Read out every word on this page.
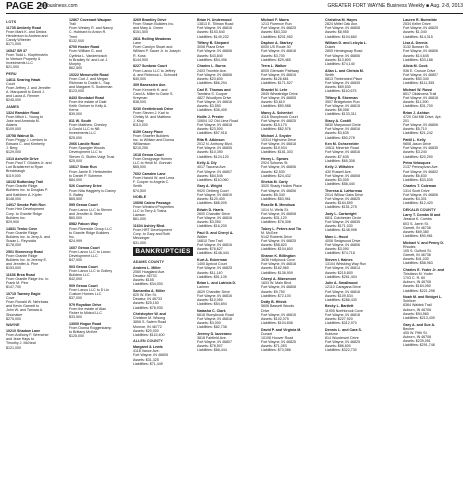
PAGE 20
thebusiness.com	GREATER FORT WAYNE Business Weekly ■ Aug. 2-8, 2013
LOTS
11735 Amberly Road
From Mark K. and Deidra
Henderson to Andrew and
Candy Wheeler
$171,000
16547 SR 37
From Todd L. Klopfenstein
to Venture Property &
Investments LLC
$21,000
PERU
14611 Searing Hawk
Court
From Jeffrey J. and Jennifer
A. Marquardt to David J.
and Laura A. Renner
$245,000
JAMES
1324 Rambler Road
From Mitch L. Young to
Jose and Amanda M.
Adams
$109,000
15758 Walnut St.
From Peggy J. Lemkes to
Edward C. and Kimberly
J. Berg
$129,000
1313 Ashville Drive
From Paul T. Glidden Jr. and
Lori Bradstreet to Ryan
Breckbaugh
$119,000
18132 Buttonbay Trail
From Granite Ridge
Builders Inc. to Douglas P.
and Kathleen A. Kipfer
$148,000
14917 Smoke Path Run
From Heir Development
Corp. to Granite Ridge
Builders Inc.
$29,900
14831 Tenbo Cove
From Granite Ridge
Builders Inc. to Jerry A. and
Susan L. Reynolds
$178,000
2501 Stonecrop Road
From Granite Ridge
Builders Inc. to Jeremy E.
and Jennifer A. Pine
$153,000
11636 Brea Road
From Granite Ridge Inc. to
Frank M. Pine
$147,700
10715 Tawney Eagle
Cove
From Ronald W. Nehrbass
and Kevin Garnett to
John W. and Tamara A.
Shumaker
$275,000
WAYNE
10210 Shadow Lane
From Anthony F. Wrencher
and Jean Hays to
Timothy J. McNeal
$121,000
12867 Covenant Waupon
Trail
From Wesley R. and Nancy
C. Hubbard to Anton R.
Trent
$132,000
8700 Hoster Road
From William G. and
Cynthia L. Vanderbosch
to Bradley W. and Lori J.
Murphy
$62,500
10222 Menonville Road
From Curt J. and Megan
Richman to Dustin L. Sap
and Margaret S. Soderman
$123,000
8433 Sinnlabel Road
From the estate of Dale
Keith Greiner to Kelly A.
Kerns
$39,000
811 W. South
From Matthew, Chesley
& Gould LLC to NB
Investments LLC
$25,000
2066 Landle Road
From Spangler Woods
Development LLC to
Steven G. Stoller-Voigt Trust
$25,000
10617 State Run
From Jamie E. Herbstreiter
to Daniel P. Schemm
$84,000
526 Courtney Drive
From Nita Haggerty to Danny
S. Bailey
$65,500
595 Genoa Court
From Lanco LLC to Steven
and Jennifer A. Stein
$60,000
8582 Falcon Way
From Riverside Group LLC
to Granite Ridge Builders
Inc.
$24,999
1607 Genoa Court
From Lanco LLC to Lanco
Development LLC
$47,000
503 Genoa Court
From Lanco LLC to Gollery
Builders LLC
$42,000
509 Genoa Court
From Lanco LLC to D Lin
Custom Homes LLC
$37,000
579 Royalton Drive
From the estate of Alan
Fisher to Midsol LLC
$33,500
13000 Hogue Road
From Donna Roggenkamp
to Brittany McKee
$125,000
3269 Brantley Drive
From Shawn Builders Inc.
and Mary A. Green
$151,500
2811 Rolling Meadows
Lane
From Carolyn Stuart and
William P. Sauer Jr. to Joseph
R. Koss
$144,900
8227 Sunbear Court
From Lanco LLC to Jeffrey
A. and Rebecca L. Schnuell
$40,000
309 Banesslen Ave.
From Kenneth H. and
Carol A. Miller to Dane S.
Kreyman
$38,000
5230 Gentlebrook Drive
From Steven J. Karl to
Christy M. and Matthew
J. Klay
$110,000
8159 Casey Place
From Shaefer Builders
Inc. to William and Donna
Williamson
$210,250
1618 Genoa Court
From Designage Homes
LLC to Heidi M. Gonnah
$65,000
7602 Camden Lane
From Harold W. and Lena
F. Cooper to Angela C.
Smith
$74,500
NOBLE
10698 Calera Passage
From Winsford Properties
LLC to Terry & Tosha
Lawson
$61,000
11604 Ashley Blvd.
From HRT Development
Corp. to Gary and Ruth
Mezzinger
$31,000
BANKRUPTCIES
ADAMS COUNTY
Andrew L. Miller
2060 Hoagland Ave.
Decatur 46733
Assets: $155
Liabilities: $34,000
Samantha A. Miller
820 W. Elm St.
Decatur, IN 46733
Assets: $25,150
Liabilities: $78,930
Christopher W. and
Christine M. Wisong
3806 S. Salem Road
Monroe, IN 46772
Assets: $20,000
Liabilities: $115,400
ALLEN COUNTY
Margaret & Lewis
4118 Vance Ave.
Fort Wayne, IN 46805
Assets: $31,325
Liabilities: $71,449
Brian H. Underwood
13813 E. Tillman Road
Fort Wayne, IN 46816
Assets: $153,540
Liabilities: $149,232
Tiffany B. Shepard
3008 Plaza Drive
Fort Wayne, IN 46806
Assets: $43,840
Liabilities: $54,496
Charles L. Burns
2403 Trumble Ave.
Fort Wayne, IN 46806
Assets: $23,600
Liabilities: $66,294
Carl E. Thomas and
Tamisha S. Cooper
4827 Woodlynn Drive
Fort Wayne, IN 46816
Assets: $3,550
Liabilities: $36,405
Hollie J. Prezler
10604 1/2 Old Lima Road
Fort Wayne, IN 46818
Assets: $23,500
Liabilities: $57,918
Rita R. Atkinson
2012 N. Anthony Blvd.
Fort Wayne, IN 46805
Assets: $10,390
Liabilities: $124,120
Kelly A. Dly
4017 Tacoma Ave.
Fort Wayne, IN 46807
Assets: $84,545
Liabilities: $110,060
Gary A. Wright
9920 Oelberg Court
Fort Wayne, IN 46819
Assets: $120,400
Liabilities: $86,009
Edwin D. Harris
2600 Chandler Drive
Fort Wayne, IN 46816
Assets: $3,050
Liabilities: $16,200
Paul G. and Cheryl A.
Walter
16810 Tam Trail
Fort Wayne, IN 46816
Assets: $76,627
Liabilities: $148,444
Kurt A. Eckerman
1400 Apricot Court
Fort Wayne, IN 46825
Assets: $11,140
Liabilities: $51,139
Brian L. and Latricia D.
Larimer
4629 Chandler Drive
Fort Wayne, IN 46816
Assets: $10,050
Liabilities: $54,694
Natasha C. Clark
6618 Stonybrook Road
Fort Wayne, IN 46816
Assets: $3,000
Liabilities: $82,738
Jeremy D. Iazzerano
3818 Fairfield Ave.
Fort Wayne, IN 46807
Assets: $78,507
Liabilities: $68,444
Michael F. Marra
1213 Florence Run
Fort Wayne, IN 46825
Assets: $83,330
Liabilities: $201,952
Daphne A. Starkey
6000 US Route 30
Fort Wayne, IN 46818
Assets: $3,700
Liabilities: $29,465
Terra L. Walker
8005 Glenvale Pathway
Fort Wayne, IN 46815
Assets: $126,661
Liabilities: $171,527
Shantel N. Lehr
2845 Wheatridge Drive
Fort Wayne, IN 46805
Assets: $3,610
Liabilities: $50,988
Marcy A. Schenkel
4116 Stonybrook Court
Fort Wayne, IN 46825
Assets: $15,170
Liabilities: $82,976
Michael J. Snyder
10314 Highview Drive
Fort Wayne, IN 46818
Assets: $19,934
Liabilities: $181,303
Henry L. Spears
2924 Schorss St.
Fort Wayne, IN 46806
Assets: $2,530
Liabilities: $24,432
Shekia M. Carty
3020 Shady Hollow Place
Fort Wayne, IN 46806
Assets: $5,340
Liabilities: $63,961
Roselle B. Mendoza
1014 N. Wells St.
Fort Wayne, IN 46808
Assets: $31,120
Liabilities: $78,308
Tobey L. Peters and Tia
M. McGee
5142 Roberts Drive
Fort Wayne, IN 46825
Assets: $58,820
Liabilities: $104,800
Sharon K. Billington
3636 Hollyhock Cove
Fort Wayne, IN 46818
Assets: $162,960
Liabilities: $136,909
Cheryl A. Mizesmore
1603 W. Main Blvd.
Fort Wayne, IN 46808
Assets: $9,750
Liabilities: $72,100
Dotty B. Hiteck
5606 Bassett Woods
Drive
Fort Wayne, IN 46815
Assets: $102,075
Liabilities: $104,836
David P. and Virginia M.
Dunzel
10108 Hoover Road
Fort Wayne, IN 46825
Assets: $71,053
Liabilities: $73,086
Christina M. Hayes
2824 Mittel Oak Ave.
Fort Wayne, IN 46808
Assets: $8,955
Liabilities: $104,660
William D. and Lelcyia L.
Dukes
2805 Hemingway Road
Fort Wayne, IN 46806
Assets: $13,800
Liabilities: $74,140
Allan L. and Christa M.
Smith
6813 Timberwind Place
Fort Wayne, IN 46835
Assets: $69,530
Liabilities: $110,675
Tiffany B. Sherman
3507 Bridgetown Run
Fort Wayne, IN 46815
Assets: $8,058
Liabilities: $133,311
Stacy A. Costill
5830 Marywood Circle
Fort Wayne, IN 46816
Assets: $3,635
Liabilities: $50,278
Ken M. Ochsenrider
10611 Minerich Road
Fort Wayne, IN 46816
Assets: $7,635
Liabilities: $65,308
Kelly J. Wiltshire
430 Russell Ave.
Fort Wayne, IN 46808
Assets: $3,005
Liabilities: $58,440
Theresa A. LaHurreau
2014 Willow Oaks Drive
Fort Wayne, IN 46825
Assets: $164,590
Liabilities: $151,275
Jody L. Cartwright
6811 Colchester Circle
Fort Wayne, IN 46835
Assets: $171,030
Liabilities: $148,998
Marc L. Hood
4006 Sedgwood Drive
Fort Wayne, IN 46806
Assets: $3,090
Liabilities: $74,718
Steven I. Haines
13104 Whisking Way Run
Fort Wayne, IN 46814
Assets: $215,800
Liabilities: $261,404
Julie A. Smallwood
12110 Caragana Drive
Fort Wayne, IN 46816
Assets: $109,534
Liabilities: $286,430
Becky L. Bartlett
11905 Northbrook Cove
Fort Wayne, IN 46818
Assets: $227,920
Liabilities: $312,970
Dennis L. and Cara S.
Kubizne
814 Woodmont Drive
Fort Wayne, IN 46825
Assets: $86,600
Liabilities: $322,730
Lauren R. Bumstide
2534 Keller Drive
Fort Wayne, IN 46825
Assets: $1,040
Liabilities: $14,315
Lisa A. Dennis
3132 Bowser St.
Fort Wayne, IN 46806
Assets: $14,645
Liabilities: $33,188
Alicia M. Cook
936 E. Crusoe Drive
Fort Wayne, IN 46807
Assets: $50,340
Liabilities: $111,355
Michael W. Rossi
8517 Oklahoma Trail
Fort Wayne, IN 46818
Assets: $11,590
Liabilities: $31,700
Brian J. Ashton
4720 Old Mill Drive, Apt.
201
Fort Wayne, IN 46806
Assets: $5,710
Liabilities: $21,242
Pattil L. Kelly
9808 Jason Drive
Fort Wayne, IN 46835
Assets: $3,240
Liabilities: $20,290
Petra Velasquez
2137 Pennsylvan Ave.
Fort Wayne, IN 46802
Assets: $6,630
Liabilities: $33,535
Charles T. Coleman
1314 Scott Drive
Fort Wayne, IN 46806
Assets: $4,301
Liabilities: $12,420
DEKALB COUNTY
Larry T. Combs III and
Jessica K. Combs
603 S. Jarrin St.
Garrett, IN 46738
Assets: $69,380
Liabilities: $90,981
Michael V. and Penny D.
Rhodes
105 S. Gulford St.
Garrett, IN 46738
Assets: $41,030
Liabilities: $58,963
Charles E. Yoder Jr. and
Thistlann M. Yoder
1703 C. R. 60
Auburn, IN 46706
Assets: $184,050
Liabilities: $221,298
Noah M. and Bridget L.
Schlicer
8364 Waldek Trail
Auburn, IN 46706
Assets: $94,560
Liabilities: $213,439
Gary A. and Sue A.
Becher
405 W. Fifth St.
Auburn, IN 46706
Assets: $239,051
Liabilities: $291,748
